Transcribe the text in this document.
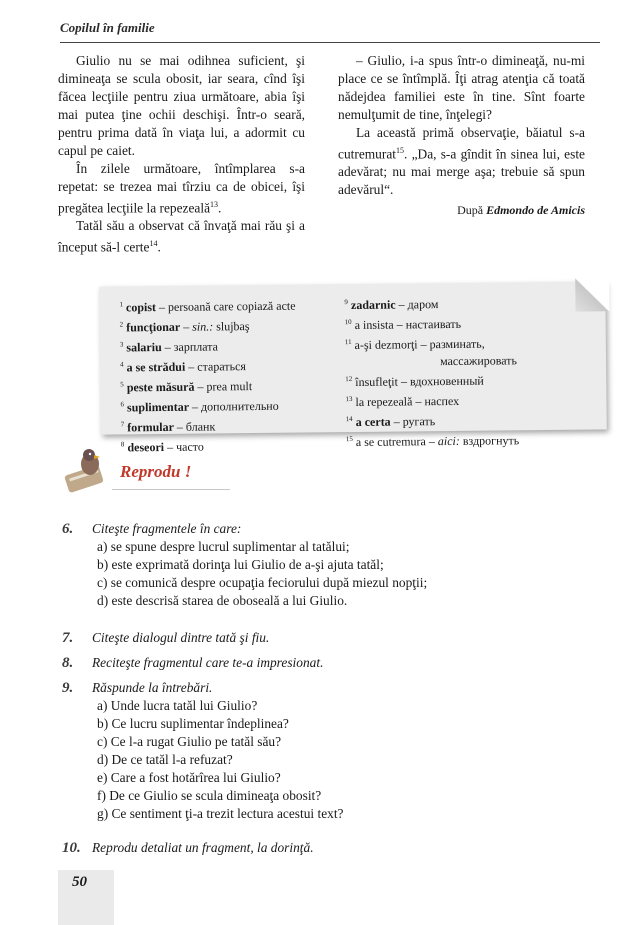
Copilul în familie

Giulio nu se mai odihnea suficient, şi dimineaţa se scula obosit, iar seara, cînd îşi făcea lecţiile pentru ziua următoare, abia îşi mai putea ţine ochii deschişi. Într-o seară, pentru prima dată în viaţa lui, a adormit cu capul pe caiet.

În zilele următoare, întîmplarea s-a repetat: se trezea mai tîrziu ca de obicei, îşi pregătea lecţiile la repezeală$^{13}$.

Tatăl său a observat că învaţă mai rău şi a început să-l certe$^{14}$.

– Giulio, i-a spus într-o dimineaţă, nu-mi place ce se întîmplă. Îţi atrag atenţia că toată nădejdea familiei este în tine. Sînt foarte nemulţumit de tine, înţelegi?

La această primă observaţie, băiatul s-a cutremurat$^{15}$. „Da, s-a gîndit în sinea lui, este adevărat; nu mai merge aşa; trebuie să spun adevărul“.

După Edmondo de Amicis
$^1$ copist – persoană care copiază acte
$^2$ funcţionar – sin.: slujbaş
$^3$ salariu – зарплата
$^4$ a se strădui – стараться
$^5$ peste măsură – prea mult
$^6$ suplimentar – дополнительно
$^7$ formular – бланк
$^8$ deseori – часто
$^9$ zadarnic – даром
$^{10}$ a insista – настаивать
$^{11}$ a-şi dezmorţi – разминать,
массажировать
$^{12}$ însufleţit – вдохновенный
$^{13}$ la repezeală – наспех
$^{14}$ a certa – ругать
$^{15}$ a se cutremura – aici: вздрогнуть
Reprodu !
6. Citeşte fragmentele în care:
a) se spune despre lucrul suplimentar al tatălui;
b) este exprimată dorinţa lui Giulio de a-şi ajuta tatăl;
c) se comunică despre ocupaţia feciorului după miezul nopţii;
d) este descrisă starea de oboseală a lui Giulio.
7. Citeşte dialogul dintre tată şi fiu.
8. Reciteşte fragmentul care te-a impresionat.
9. Răspunde la întrebări.
a) Unde lucra tatăl lui Giulio?
b) Ce lucru suplimentar îndeplinea?
c) Ce l-a rugat Giulio pe tatăl său?
d) De ce tatăl l-a refuzat?
e) Care a fost hotărîrea lui Giulio?
f) De ce Giulio se scula dimineaţa obosit?
g) Ce sentiment ţi-a trezit lectura acestui text?
10. Reprodu detaliat un fragment, la dorinţă.
50
